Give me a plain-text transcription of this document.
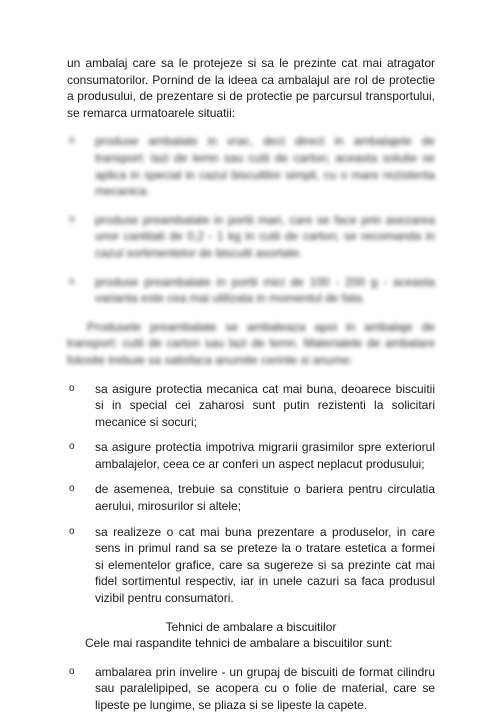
un ambalaj care sa le protejeze si sa le prezinte cat mai atragator consumatorilor. Pornind de la ideea ca ambalajul are rol de protectie a produsului, de prezentare si de protectie pe parcursul transportului, se remarca urmatoarele situatii:

o	produse ambalate in vrac, deci direct in ambalajele de transport: lazi de lemn sau cutii de carton; aceasta solutie se aplica in special in cazul biscuitilor simpli, cu o mare rezistenta mecanica.
o	produse preambalate in portii mari, care se face prin asezarea unor cantitati de 0,2 - 1 kg in cutii de carton; se recomanda in cazul sortimentelor de biscuiti asortate.
o	produse preambalate in portii mici de 100 - 200 g - aceasta varianta este cea mai utilizata in momentul de fata.

Produsele preambalate se ambaleaza apoi in ambalaje de transport: cutii de carton sau lazi de lemn. Materialele de ambalare folosite trebuie sa satisfaca anumite cerinte si anume:

o	sa asigure protectia mecanica cat mai buna, deoarece biscuitii si in special cei zaharosi sunt putin rezistenti la solicitari mecanice si socuri;
o	sa asigure protectia impotriva migrarii grasimilor spre exteriorul ambalajelor, ceea ce ar conferi un aspect neplacut produsului;
o	de asemenea, trebuie sa constituie o bariera pentru circulatia aerului, mirosurilor si altele;
o	sa realizeze o cat mai buna prezentare a produselor, in care sens in primul rand sa se preteze la o tratare estetica a formei si elementelor grafice, care sa sugereze si sa prezinte cat mai fidel sortimentul respectiv, iar in unele cazuri sa faca produsul vizibil pentru consumatori.

Tehnici de ambalare a biscuitilor

Cele mai raspandite tehnici de ambalare a biscuitilor sunt:

o	ambalarea prin invelire - un grupaj de biscuiti de format cilindru sau paralelipiped, se acopera cu o folie de material, care se lipeste pe lungime, se pliaza si se lipeste la capete.
